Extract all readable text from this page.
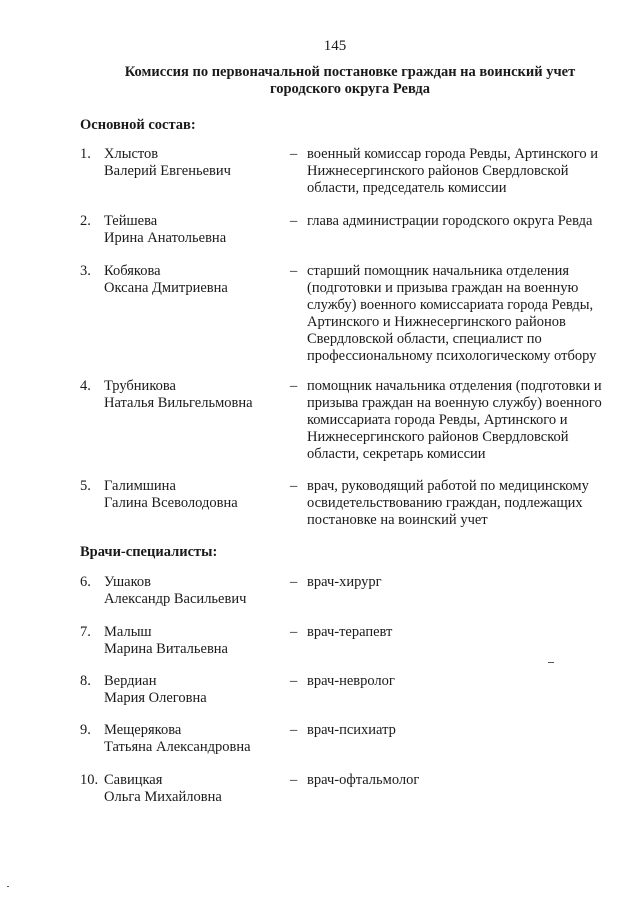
145
Комиссия по первоначальной постановке граждан на воинский учет
городского округа Ревда
Основной состав:
1. Хлыстов
Валерий Евгеньевич
– военный комиссар города Ревды, Артинского и Нижнесергинского районов Свердловской области, председатель комиссии
2. Тейшева
Ирина Анатольевна
– глава администрации городского округа Ревда
3. Кобякова
Оксана Дмитриевна
– старший помощник начальника отделения (подготовки и призыва граждан на военную службу) военного комиссариата города Ревды, Артинского и Нижнесергинского районов Свердловской области, специалист по профессиональному психологическому отбору
4. Трубникова
Наталья Вильгельмовна
– помощник начальника отделения (подготовки и призыва граждан на военную службу) военного комиссариата города Ревды, Артинского и Нижнесергинского районов Свердловской области, секретарь комиссии
5. Галимшина
Галина Всеволодовна
– врач, руководящий работой по медицинскому освидетельствованию граждан, подлежащих постановке на воинский учет
Врачи-специалисты:
6. Ушаков
Александр Васильевич
– врач-хирург
7. Малыш
Марина Витальевна
– врач-терапевт
8. Вердиан
Мария Олеговна
– врач-невролог
9. Мещерякова
Татьяна Александровна
– врач-психиатр
10. Савицкая
Ольга Михайловна
– врач-офтальмолог
